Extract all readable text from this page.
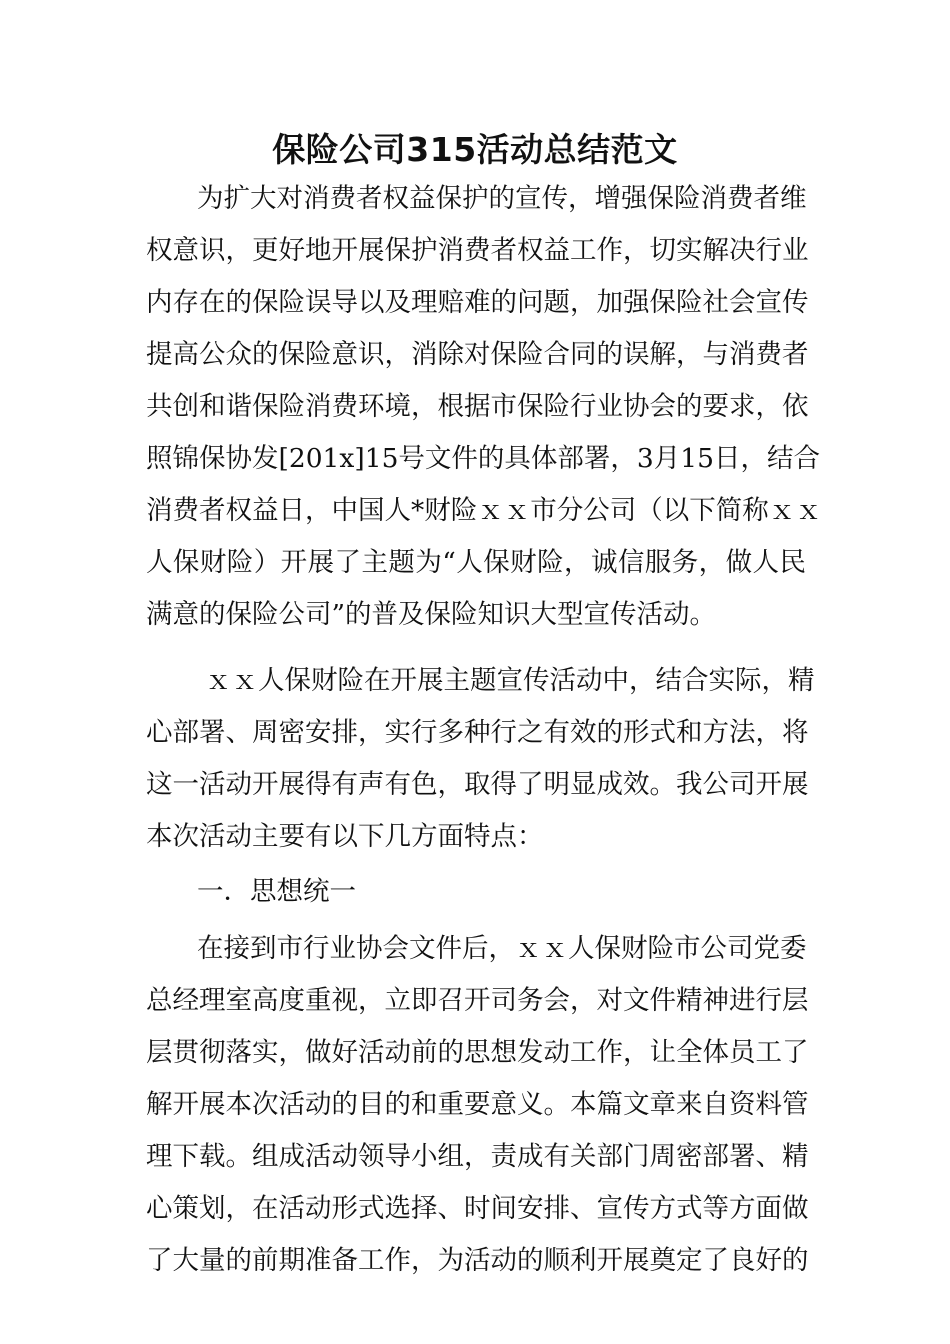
保险公司315活动总结范文
为扩大对消费者权益保护的宣传，增强保险消费者维
权意识，更好地开展保护消费者权益工作，切实解决行业
内存在的保险误导以及理赔难的问题，加强保险社会宣传
提高公众的保险意识，消除对保险合同的误解，与消费者
共创和谐保险消费环境，根据市保险行业协会的要求，依
照锦保协发[201x]15号文件的具体部署，3月15日，结合
消费者权益日，中国人*财险ｘｘ市分公司（以下简称ｘｘ
人保财险）开展了主题为“人保财险，诚信服务，做人民
满意的保险公司”的普及保险知识大型宣传活动。
ｘｘ人保财险在开展主题宣传活动中，结合实际，精
心部署、周密安排，实行多种行之有效的形式和方法，将
这一活动开展得有声有色，取得了明显成效。我公司开展
本次活动主要有以下几方面特点：
一．思想统一
在接到市行业协会文件后，ｘｘ人保财险市公司党委
总经理室高度重视，立即召开司务会，对文件精神进行层
层贯彻落实，做好活动前的思想发动工作，让全体员工了
解开展本次活动的目的和重要意义。本篇文章来自资料管
理下载。组成活动领导小组，责成有关部门周密部署、精
心策划，在活动形式选择、时间安排、宣传方式等方面做
了大量的前期准备工作，为活动的顺利开展奠定了良好的
